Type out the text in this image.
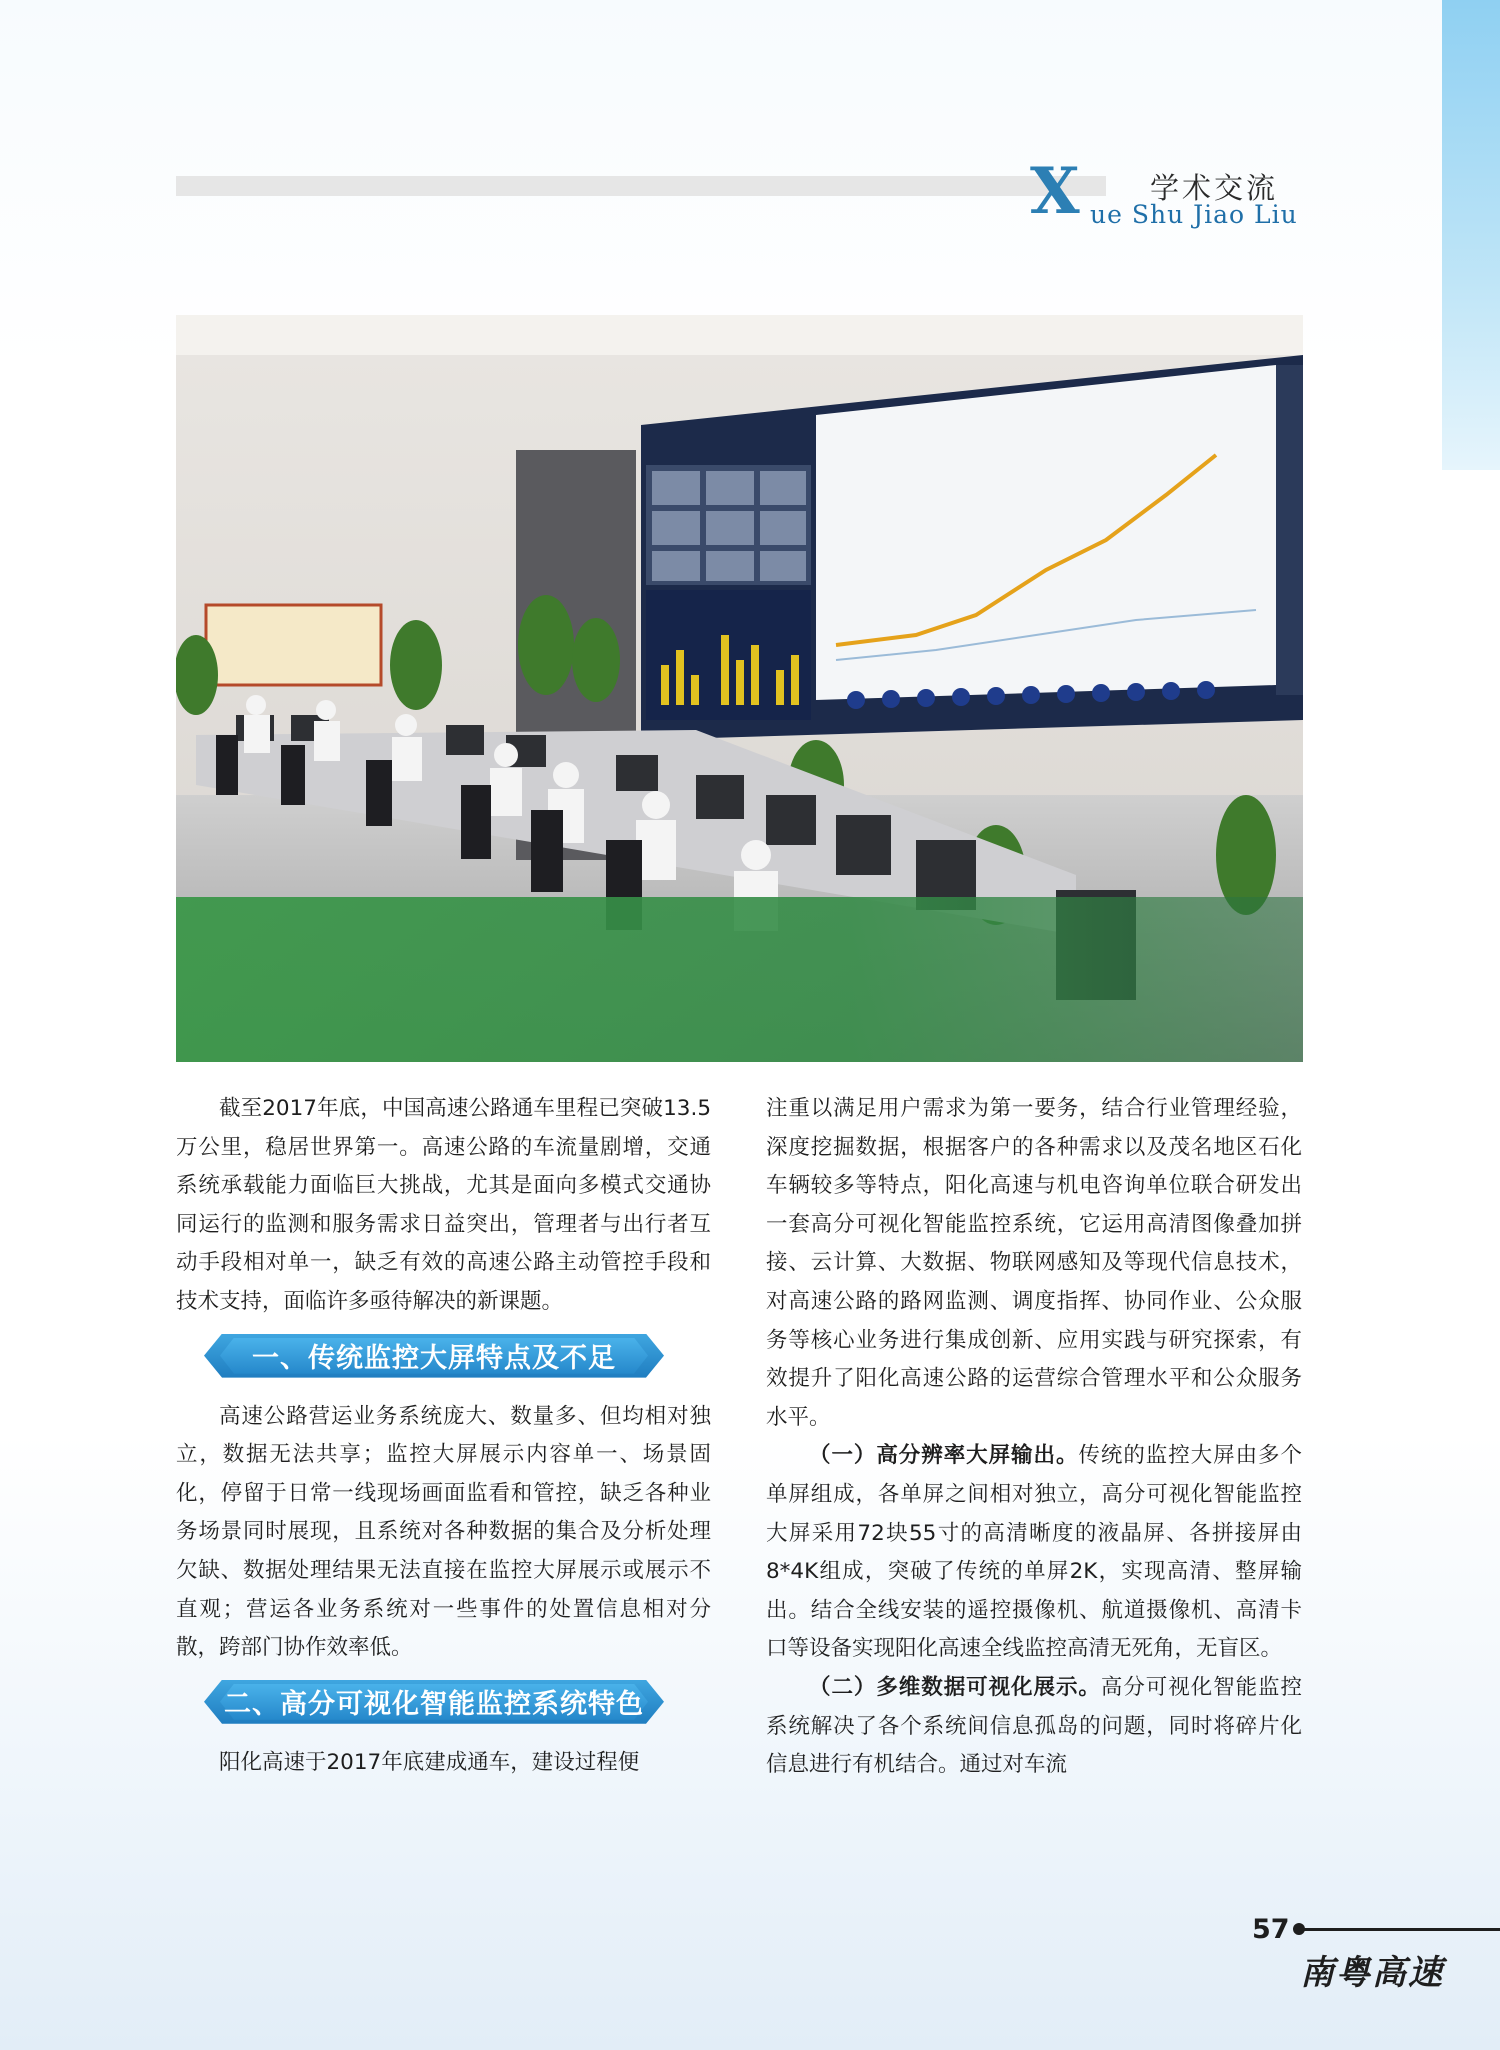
X 学术交流
ue Shu Jiao Liu

截至2017年底，中国高速公路通车里程已突破13.5万公里，稳居世界第一。高速公路的车流量剧增，交通系统承载能力面临巨大挑战，尤其是面向多模式交通协同运行的监测和服务需求日益突出，管理者与出行者互动手段相对单一，缺乏有效的高速公路主动管控手段和技术支持，面临许多亟待解决的新课题。

一、传统监控大屏特点及不足

高速公路营运业务系统庞大、数量多、但均相对独立，数据无法共享；监控大屏展示内容单一、场景固化，停留于日常一线现场画面监看和管控，缺乏各种业务场景同时展现，且系统对各种数据的集合及分析处理欠缺、数据处理结果无法直接在监控大屏展示或展示不直观；营运各业务系统对一些事件的处置信息相对分散，跨部门协作效率低。

二、高分可视化智能监控系统特色

阳化高速于2017年底建成通车，建设过程便

注重以满足用户需求为第一要务，结合行业管理经验，深度挖掘数据，根据客户的各种需求以及茂名地区石化车辆较多等特点，阳化高速与机电咨询单位联合研发出一套高分可视化智能监控系统，它运用高清图像叠加拼接、云计算、大数据、物联网感知及等现代信息技术，对高速公路的路网监测、调度指挥、协同作业、公众服务等核心业务进行集成创新、应用实践与研究探索，有效提升了阳化高速公路的运营综合管理水平和公众服务水平。

（一）高分辨率大屏输出。传统的监控大屏由多个单屏组成，各单屏之间相对独立，高分可视化智能监控大屏采用72块55寸的高清晰度的液晶屏、各拼接屏由8*4K组成，突破了传统的单屏2K，实现高清、整屏输出。结合全线安装的遥控摄像机、航道摄像机、高清卡口等设备实现阳化高速全线监控高清无死角，无盲区。

（二）多维数据可视化展示。高分可视化智能监控系统解决了各个系统间信息孤岛的问题，同时将碎片化信息进行有机结合。通过对车流

57
南粤高速
